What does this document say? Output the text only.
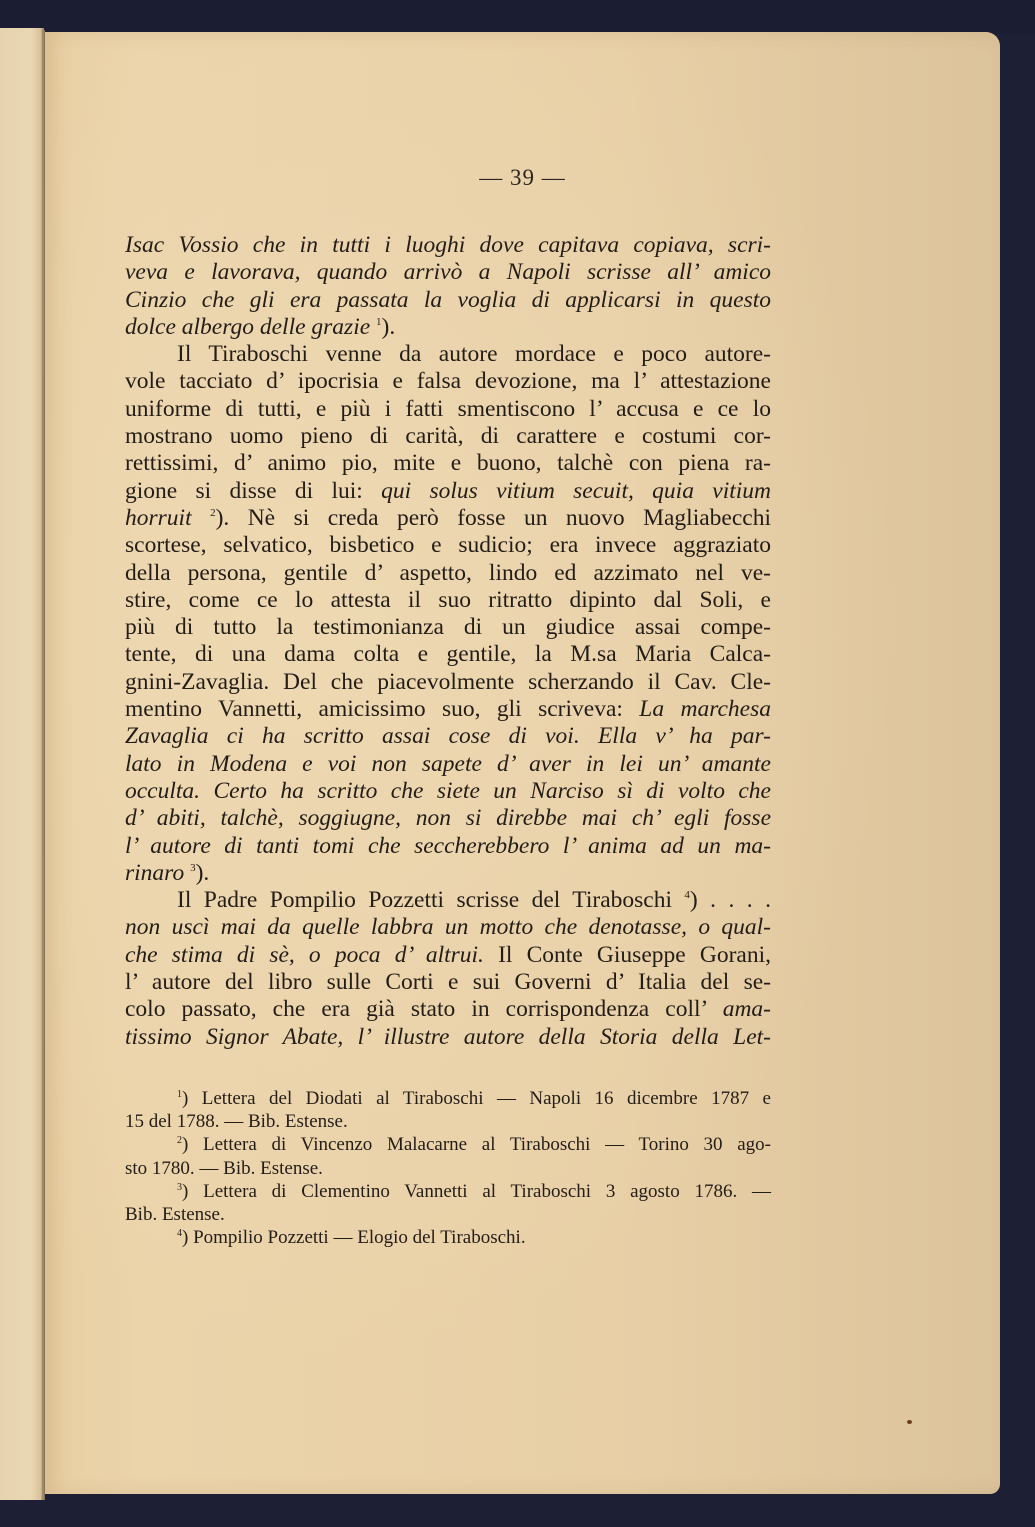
— 39 —
Isac Vossio che in tutti i luoghi dove capitava copiava, scri-
veva e lavorava, quando arrivò a Napoli scrisse all’ amico
Cinzio che gli era passata la voglia di applicarsi in questo
dolce albergo delle grazie $^1$).
Il Tiraboschi venne da autore mordace e poco autore-
vole tacciato d’ ipocrisia e falsa devozione, ma l’ attestazione
uniforme di tutti, e più i fatti smentiscono l’ accusa e ce lo
mostrano uomo pieno di carità, di carattere e costumi cor-
rettissimi, d’ animo pio, mite e buono, talchè con piena ra-
gione si disse di lui: qui solus vitium secuit, quia vitium
horruit $^2$). Nè si creda però fosse un nuovo Magliabecchi
scortese, selvatico, bisbetico e sudicio; era invece aggraziato
della persona, gentile d’ aspetto, lindo ed azzimato nel ve-
stire, come ce lo attesta il suo ritratto dipinto dal Soli, e
più di tutto la testimonianza di un giudice assai compe-
tente, di una dama colta e gentile, la M.sa Maria Calca-
gnini-Zavaglia. Del che piacevolmente scherzando il Cav. Cle-
mentino Vannetti, amicissimo suo, gli scriveva: La marchesa
Zavaglia ci ha scritto assai cose di voi. Ella v’ ha par-
lato in Modena e voi non sapete d’ aver in lei un’ amante
occulta. Certo ha scritto che siete un Narciso sì di volto che
d’ abiti, talchè, soggiugne, non si direbbe mai ch’ egli fosse
l’ autore di tanti tomi che seccherebbero l’ anima ad un ma-
rinaro $^3$).
Il Padre Pompilio Pozzetti scrisse del Tiraboschi $^4$) . . . .
non uscì mai da quelle labbra un motto che denotasse, o qual-
che stima di sè, o poca d’ altrui. Il Conte Giuseppe Gorani,
l’ autore del libro sulle Corti e sui Governi d’ Italia del se-
colo passato, che era già stato in corrispondenza coll’ ama-
tissimo Signor Abate, l’ illustre autore della Storia della Let-
$^1$) Lettera del Diodati al Tiraboschi — Napoli 16 dicembre 1787 e
15 del 1788. — Bib. Estense.
$^2$) Lettera di Vincenzo Malacarne al Tiraboschi — Torino 30 ago-
sto 1780. — Bib. Estense.
$^3$) Lettera di Clementino Vannetti al Tiraboschi 3 agosto 1786. —
Bib. Estense.
$^4$) Pompilio Pozzetti — Elogio del Tiraboschi.
